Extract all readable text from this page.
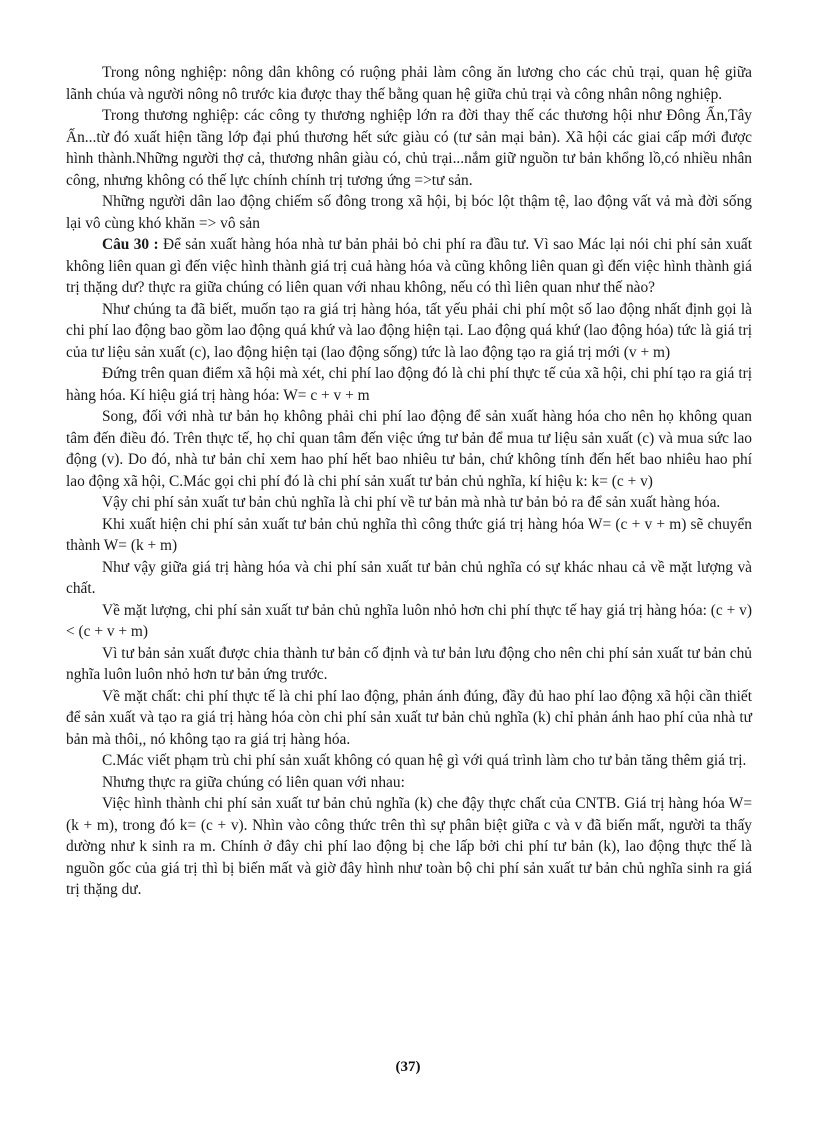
Trong nông nghiệp: nông dân không có ruộng phải làm công ăn lương cho các chủ trại, quan hệ giữa lãnh chúa và người nông nô trước kia được thay thế bằng quan hệ giữa chủ trại và công nhân nông nghiệp.

Trong thương nghiệp: các công ty thương nghiệp lớn ra đời thay thế các thương hội như Đông Ấn,Tây Ấn...từ đó xuất hiện tầng lớp đại phú thương hết sức giàu có (tư sản mại bản). Xã hội các giai cấp mới được hình thành.Những người thợ cả, thương nhân giàu có, chủ trại...nắm giữ nguồn tư bản khổng lồ,có nhiều nhân công, nhưng không có thế lực chính chính trị tương ứng =>tư sản.

Những người dân lao động chiếm số đông trong xã hội, bị bóc lột thậm tệ, lao động vất vả mà đời sống lại vô cùng khó khăn => vô sản

Câu 30 : Để sản xuất hàng hóa nhà tư bản phải bỏ chi phí ra đầu tư. Vì sao Mác lại nói chi phí sản xuất không liên quan gì đến việc hình thành giá trị cuả hàng hóa và cũng không liên quan gì đến việc hình thành giá trị thặng dư? thực ra giữa chúng có liên quan với nhau không, nếu có thì liên quan như thế nào?

Như chúng ta đã biết, muốn tạo ra giá trị hàng hóa, tất yếu phải chi phí một số lao động nhất định gọi là chi phí lao động bao gồm lao động quá khứ và lao động hiện tại. Lao động quá khứ (lao động hóa) tức là giá trị của tư liệu sản xuất (c), lao động hiện tại (lao động sống) tức là lao động tạo ra giá trị mới (v + m)

Đứng trên quan điểm xã hội mà xét, chi phí lao động đó là chi phí thực tế của xã hội, chi phí tạo ra giá trị hàng hóa. Kí hiệu giá trị hàng hóa: W= c + v + m

Song, đối với nhà tư bản họ không phải chi phí lao động để sản xuất hàng hóa cho nên họ không quan tâm đến điều đó. Trên thực tế, họ chỉ quan tâm đến việc ứng tư bản để mua tư liệu sản xuất (c) và mua sức lao động (v). Do đó, nhà tư bản chỉ xem hao phí hết bao nhiêu tư bản, chứ không tính đến hết bao nhiêu hao phí lao động xã hội, C.Mác gọi chi phí đó là chi phí sản xuất tư bản chủ nghĩa, kí hiệu k: k= (c + v)

Vậy chi phí sản xuất tư bản chủ nghĩa là chi phí về tư bản mà nhà tư bản bỏ ra để sản xuất hàng hóa.

Khi xuất hiện chi phí sản xuất tư bản chủ nghĩa thì công thức giá trị hàng hóa W= (c + v + m) sẽ chuyển thành W= (k + m)

Như vậy giữa giá trị hàng hóa và chi phí sản xuất tư bản chủ nghĩa có sự khác nhau cả về mặt lượng và chất.

Về mặt lượng, chi phí sản xuất tư bản chủ nghĩa luôn nhỏ hơn chi phí thực tế hay giá trị hàng hóa: (c + v) < (c + v + m)

Vì tư bản sản xuất được chia thành tư bản cố định và tư bản lưu động cho nên chi phí sản xuất tư bản chủ nghĩa luôn luôn nhỏ hơn tư bản ứng trước.

Về mặt chất: chi phí thực tế là chi phí lao động, phản ánh đúng, đầy đủ hao phí lao động xã hội cần thiết để sản xuất và tạo ra giá trị hàng hóa còn chi phí sản xuất tư bản chủ nghĩa (k) chỉ phản ánh hao phí của nhà tư bản mà thôi,, nó không tạo ra giá trị hàng hóa.

C.Mác viết phạm trù chi phí sản xuất không có quan hệ gì với quá trình làm cho tư bản tăng thêm giá trị.

Nhưng thực ra giữa chúng có liên quan với nhau:

Việc hình thành chi phí sản xuất tư bản chủ nghĩa (k) che đậy thực chất của CNTB. Giá trị hàng hóa W= (k + m), trong đó k= (c + v). Nhìn vào công thức trên thì sự phân biệt giữa c và v đã biến mất, người ta thấy dường như k sinh ra m. Chính ở đây chi phí lao động bị che lấp bởi chi phí tư bản (k), lao động thực thế là nguồn gốc của giá trị thì bị biến mất và giờ đây hình như toàn bộ chi phí sản xuất tư bản chủ nghĩa sinh ra giá trị thặng dư.

(37)
